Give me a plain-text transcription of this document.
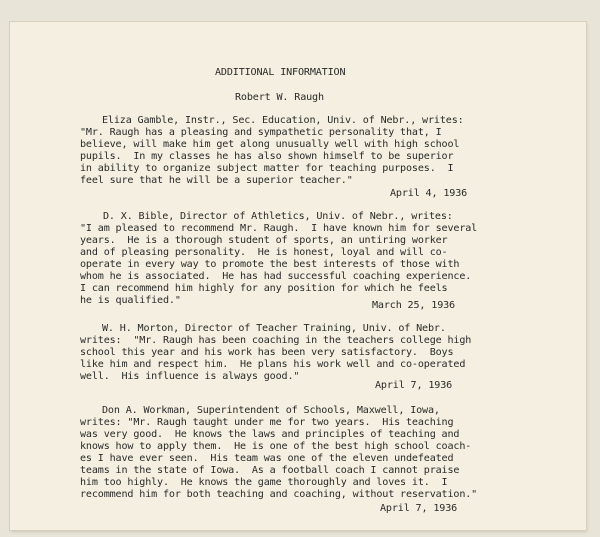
ADDITIONAL INFORMATION
Robert W. Raugh
Eliza Gamble, Instr., Sec. Education, Univ. of Nebr., writes:
"Mr. Raugh has a pleasing and sympathetic personality that, I
believe, will make him get along unusually well with high school
pupils.  In my classes he has also shown himself to be superior
in ability to organize subject matter for teaching purposes.  I
feel sure that he will be a superior teacher."
April 4, 1936
D. X. Bible, Director of Athletics, Univ. of Nebr., writes:
"I am pleased to recommend Mr. Raugh.  I have known him for several
years.  He is a thorough student of sports, an untiring worker
and of pleasing personality.  He is honest, loyal and will co-
operate in every way to promote the best interests of those with
whom he is associated.  He has had successful coaching experience.
I can recommend him highly for any position for which he feels
he is qualified."	March 25, 1936
W. H. Morton, Director of Teacher Training, Univ. of Nebr.
writes:  "Mr. Raugh has been coaching in the teachers college high
school this year and his work has been very satisfactory.  Boys
like him and respect him.  He plans his work well and co-operated
well.  His influence is always good."
April 7, 1936
Don A. Workman, Superintendent of Schools, Maxwell, Iowa,
writes: "Mr. Raugh taught under me for two years.  His teaching
was very good.  He knows the laws and principles of teaching and
knows how to apply them.  He is one of the best high school coach-
es I have ever seen.  His team was one of the eleven undefeated
teams in the state of Iowa.  As a football coach I cannot praise
him too highly.  He knows the game thoroughly and loves it.  I
recommend him for both teaching and coaching, without reservation."
April 7, 1936
